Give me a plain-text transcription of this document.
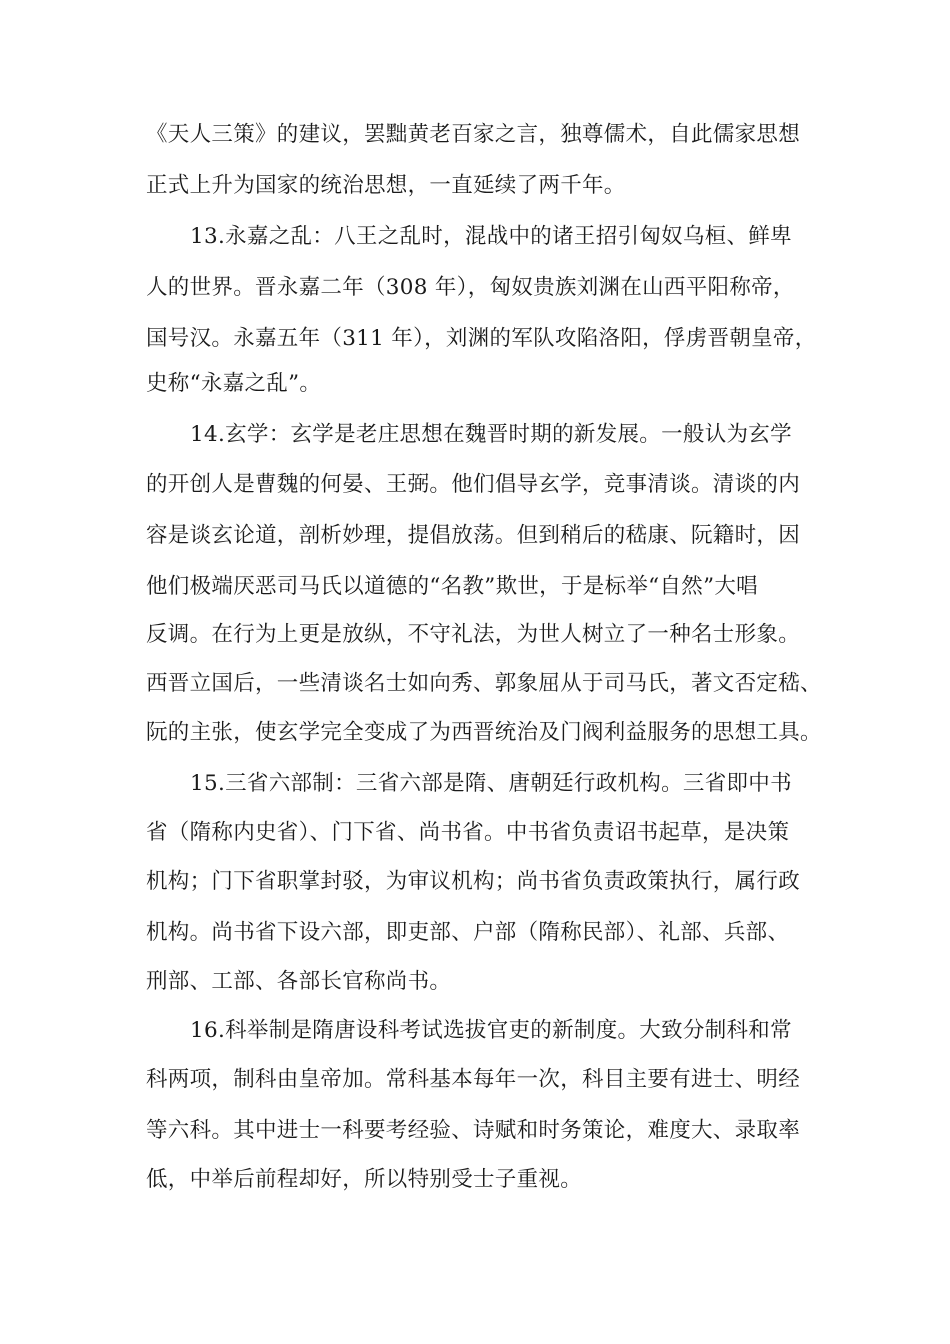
《天人三策》的建议，罢黜黄老百家之言，独尊儒术，自此儒家思想
正式上升为国家的统治思想，一直延续了两千年。
13.永嘉之乱：八王之乱时，混战中的诸王招引匈奴乌桓、鲜卑
人的世界。晋永嘉二年（308 年），匈奴贵族刘渊在山西平阳称帝，
国号汉。永嘉五年（311 年），刘渊的军队攻陷洛阳，俘虏晋朝皇帝，
史称“永嘉之乱”。
14.玄学：玄学是老庄思想在魏晋时期的新发展。一般认为玄学
的开创人是曹魏的何晏、王弼。他们倡导玄学，竞事清谈。清谈的内
容是谈玄论道，剖析妙理，提倡放荡。但到稍后的嵇康、阮籍时，因
他们极端厌恶司马氏以道德的“名教”欺世，于是标举“自然”大唱
反调。在行为上更是放纵，不守礼法，为世人树立了一种名士形象。
西晋立国后，一些清谈名士如向秀、郭象屈从于司马氏，著文否定嵇、
阮的主张，使玄学完全变成了为西晋统治及门阀利益服务的思想工具。
15.三省六部制：三省六部是隋、唐朝廷行政机构。三省即中书
省（隋称内史省）、门下省、尚书省。中书省负责诏书起草，是决策
机构；门下省职掌封驳，为审议机构；尚书省负责政策执行，属行政
机构。尚书省下设六部，即吏部、户部（隋称民部）、礼部、兵部、
刑部、工部、各部长官称尚书。
16.科举制是隋唐设科考试选拔官吏的新制度。大致分制科和常
科两项，制科由皇帝加。常科基本每年一次，科目主要有进士、明经
等六科。其中进士一科要考经验、诗赋和时务策论，难度大、录取率
低，中举后前程却好，所以特别受士子重视。
